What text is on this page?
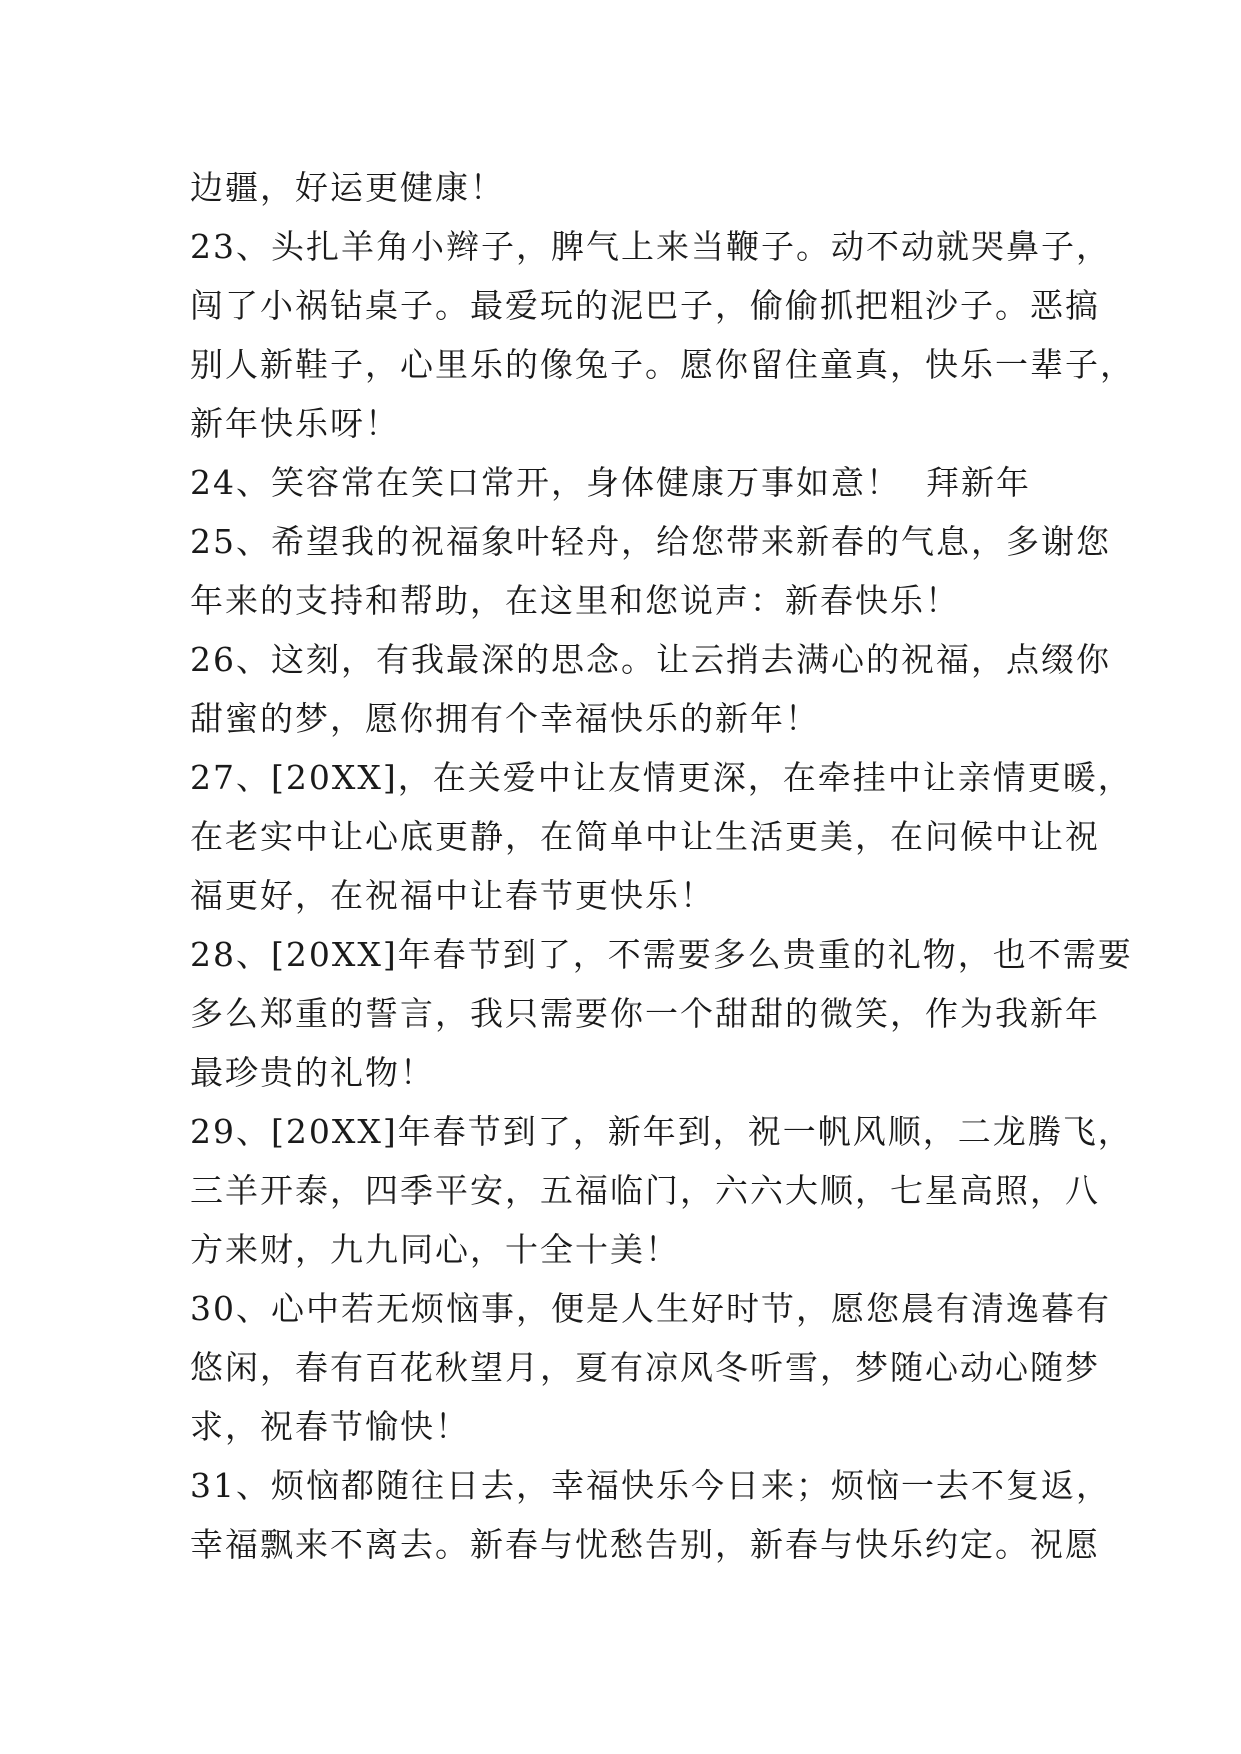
边疆，好运更健康！
23、头扎羊角小辫子，脾气上来当鞭子。动不动就哭鼻子，
闯了小祸钻桌子。最爱玩的泥巴子，偷偷抓把粗沙子。恶搞
别人新鞋子，心里乐的像兔子。愿你留住童真，快乐一辈子，
新年快乐呀！
24、笑容常在笑口常开，身体健康万事如意！  拜新年
25、希望我的祝福象叶轻舟，给您带来新春的气息，多谢您
年来的支持和帮助，在这里和您说声：新春快乐！
26、这刻，有我最深的思念。让云捎去满心的祝福，点缀你
甜蜜的梦，愿你拥有个幸福快乐的新年！
27、[20XX]，在关爱中让友情更深，在牵挂中让亲情更暖，
在老实中让心底更静，在简单中让生活更美，在问候中让祝
福更好，在祝福中让春节更快乐！
28、[20XX]年春节到了，不需要多么贵重的礼物，也不需要
多么郑重的誓言，我只需要你一个甜甜的微笑，作为我新年
最珍贵的礼物！
29、[20XX]年春节到了，新年到，祝一帆风顺，二龙腾飞，
三羊开泰，四季平安，五福临门，六六大顺，七星高照，八
方来财，九九同心，十全十美！
30、心中若无烦恼事，便是人生好时节，愿您晨有清逸暮有
悠闲，春有百花秋望月，夏有凉风冬听雪，梦随心动心随梦
求，祝春节愉快！
31、烦恼都随往日去，幸福快乐今日来；烦恼一去不复返，
幸福飘来不离去。新春与忧愁告别，新春与快乐约定。祝愿
